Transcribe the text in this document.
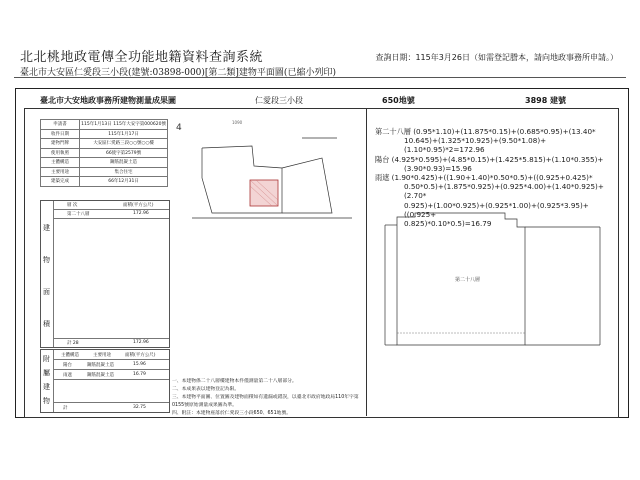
北北桃地政電傳全功能地籍資料查詢系統	查詢日期：115年3月26日（如需登記謄本，請向地政事務所申請。）
臺北市大安區仁愛段三小段(建號:03898-000)[第二類]建物平面圖(已縮小列印)
臺北市大安地政事務所建物測量成果圖	仁愛段三小段	650地號	3898 建號
申請書	115年1月13日 115年大安字第000620號
收件日期	115年1月17日
建物門牌	大安區仁愛路三段○○號○○樓
使用執照	66使字第2579號
主體構造	鋼筋混凝土造
主要用途	集合住宅
建築完成	66年12月31日
建
物
面
積
層 次	面積(平方公尺)
第二十八層	172.96
計 28	172.96
附
屬
建
物
主體構造	主要用途	面積(平方公尺)
陽台	鋼筋混凝土造	15.96
雨遮	鋼筋混凝土造	16.79
計	32.75
4
1090
一、本建物係二十八層樓建物本件僅測量第二十八層部分。
二、本成果表以建物登記為限。
三、本建物平面圖、位置圖及建物面積如有遺漏或錯誤，以臺北市政府地政局110年字第0155號原始測量成果圖為準。
四、附註：本建物座落於仁愛段三小段650、651地號。

第二十八層 (0.95*1.10)+(11.875*0.15)+(0.685*0.95)+(13.40*

10.645)+(1.325*10.925)+(9.50*1.08)+(1.10*0.95)*2=172.96

陽台 (4.925*0.595)+(4.85*0.15)+(1.425*5.815)+(1.10*0.355)+

(3.90*0.93)=15.96

雨遮 (1.90*0.425)+((1.90+1.40)*0.50*0.5)+((0.925+0.425)*

0.50*0.5)+(1.875*0.925)+(0.925*4.00)+(1.40*0.925)+(2.70*

0.925)+(1.00*0.925)+(0.925*1.00)+(0.925*3.95)+((0.925+

0.825)*0.10*0.5)=16.79

第二十八層
